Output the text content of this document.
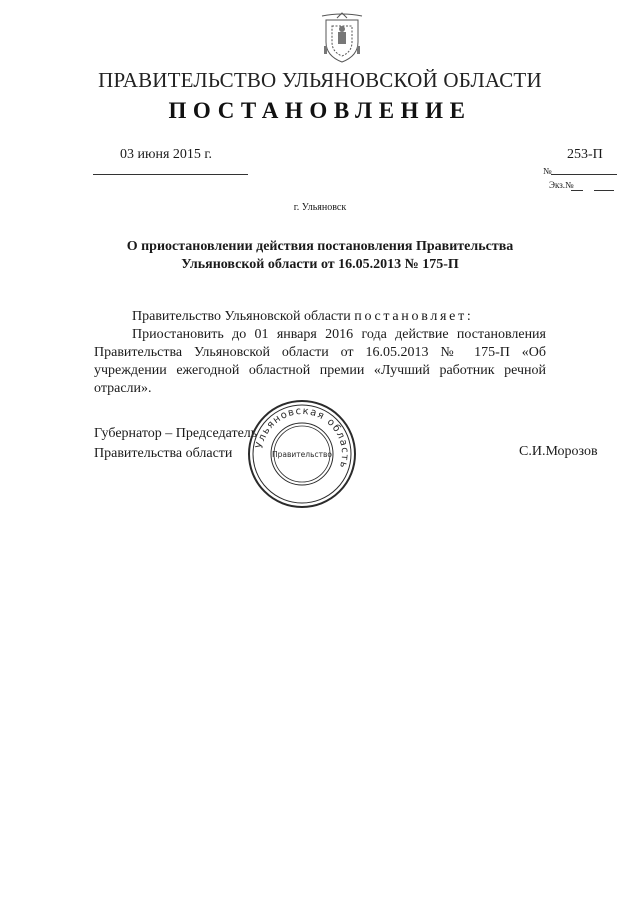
ПРАВИТЕЛЬСТВО УЛЬЯНОВСКОЙ ОБЛАСТИ
ПОСТАНОВЛЕНИЕ
03 июня 2015 г.
№
253-П
Экз.№
г. Ульяновск
О приостановлении действия постановления Правительства Ульяновской области от 16.05.2013 № 175-П
Правительство Ульяновской области постановляет:
Приостановить до 01 января 2016 года действие постановления Правительства Ульяновской области от 16.05.2013 № 175-П «Об учреждении ежегодной областной премии «Лучший работник речной отрасли».
Губернатор – Председатель
Правительства области	С.И.Морозов
Ульяновская область
Правительство
